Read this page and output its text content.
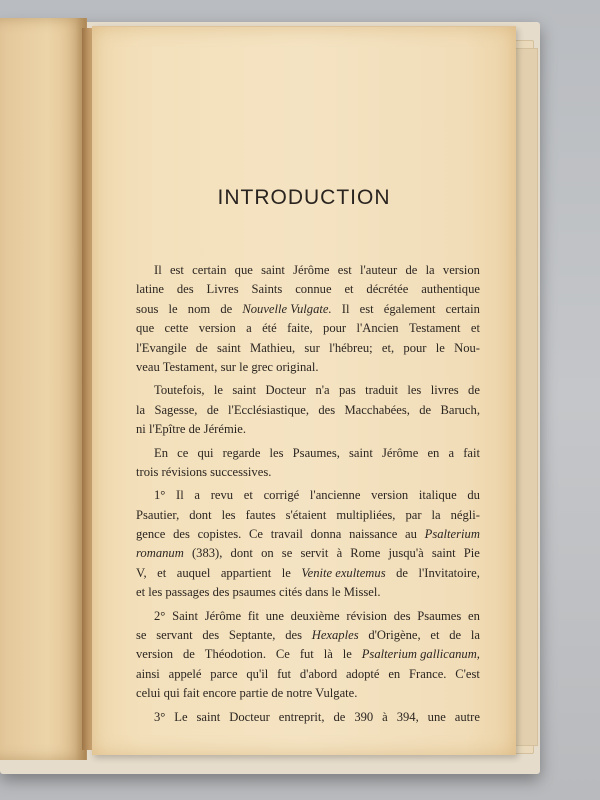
INTRODUCTION
Il est certain que saint Jérôme est l'auteur de la version
latine des Livres Saints connue et décrétée authentique
sous le nom de Nouvelle Vulgate. Il est également certain
que cette version a été faite, pour l'Ancien Testament et
l'Evangile de saint Mathieu, sur l'hébreu; et, pour le Nou-
veau Testament, sur le grec original.
Toutefois, le saint Docteur n'a pas traduit les livres de
la Sagesse, de l'Ecclésiastique, des Macchabées, de Baruch,
ni l'Epître de Jérémie.
En ce qui regarde les Psaumes, saint Jérôme en a fait
trois révisions successives.
1° Il a revu et corrigé l'ancienne version italique du
Psautier, dont les fautes s'étaient multipliées, par la négli-
gence des copistes. Ce travail donna naissance au Psalterium
romanum (383), dont on se servit à Rome jusqu'à saint Pie
V, et auquel appartient le Venite exultemus de l'Invitatoire,
et les passages des psaumes cités dans le Missel.
2° Saint Jérôme fit une deuxième révision des Psaumes en
se servant des Septante, des Hexaples d'Origène, et de la
version de Théodotion. Ce fut là le Psalterium gallicanum,
ainsi appelé parce qu'il fut d'abord adopté en France. C'est
celui qui fait encore partie de notre Vulgate.
3° Le saint Docteur entreprit, de 390 à 394, une autre
